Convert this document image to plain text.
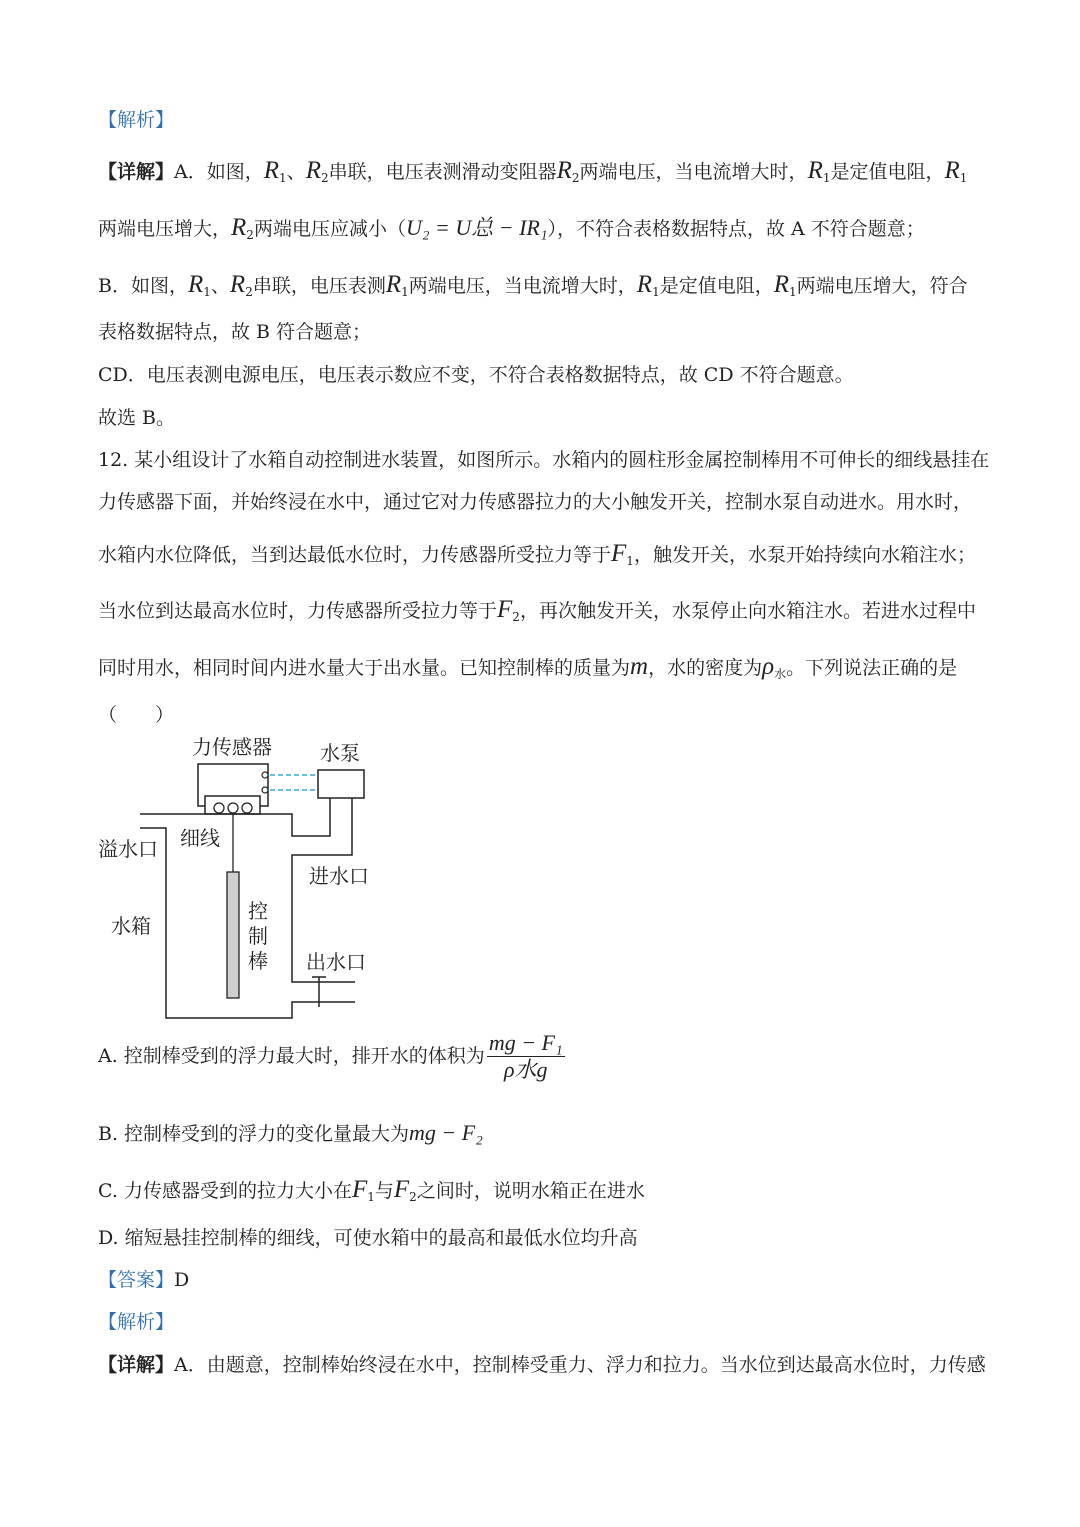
【解析】
【详解】A．如图，$R_1$、$R_2$串联，电压表测滑动变阻器$R_2$两端电压，当电流增大时，$R_1$是定值电阻，$R_1$
两端电压增大，$R_2$两端电压应减小（U₂ = U总 − IR₁），不符合表格数据特点，故 A 不符合题意；
B．如图，$R_1$、$R_2$串联，电压表测$R_1$两端电压，当电流增大时，$R_1$是定值电阻，$R_1$两端电压增大，符合
表格数据特点，故 B 符合题意；
CD．电压表测电源电压，电压表示数应不变，不符合表格数据特点，故 CD 不符合题意。
故选 B。
12. 某小组设计了水箱自动控制进水装置，如图所示。水箱内的圆柱形金属控制棒用不可伸长的细线悬挂在
力传感器下面，并始终浸在水中，通过它对力传感器拉力的大小触发开关，控制水泵自动进水。用水时，
水箱内水位降低，当到达最低水位时，力传感器所受拉力等于$F_1$，触发开关，水泵开始持续向水箱注水；
当水位到达最高水位时，力传感器所受拉力等于$F_2$，再次触发开关，水泵停止向水箱注水。若进水过程中
同时用水，相同时间内进水量大于出水量。已知控制棒的质量为m，水的密度为$\rho_水$。下列说法正确的是
（　　）
力传感器 水泵
细线
溢水口
进水口
水箱
控
制
棒 出水口
A. 控制棒受到的浮力最大时，排开水的体积为 $\frac{\text{mg − F₁}}{\text{ρ水g}}$
B. 控制棒受到的浮力的变化量最大为mg − F₂
C. 力传感器受到的拉力大小在$F_1$与$F_2$之间时，说明水箱正在进水
D. 缩短悬挂控制棒的细线，可使水箱中的最高和最低水位均升高
【答案】D
【解析】
【详解】A．由题意，控制棒始终浸在水中，控制棒受重力、浮力和拉力。当水位到达最高水位时，力传感
